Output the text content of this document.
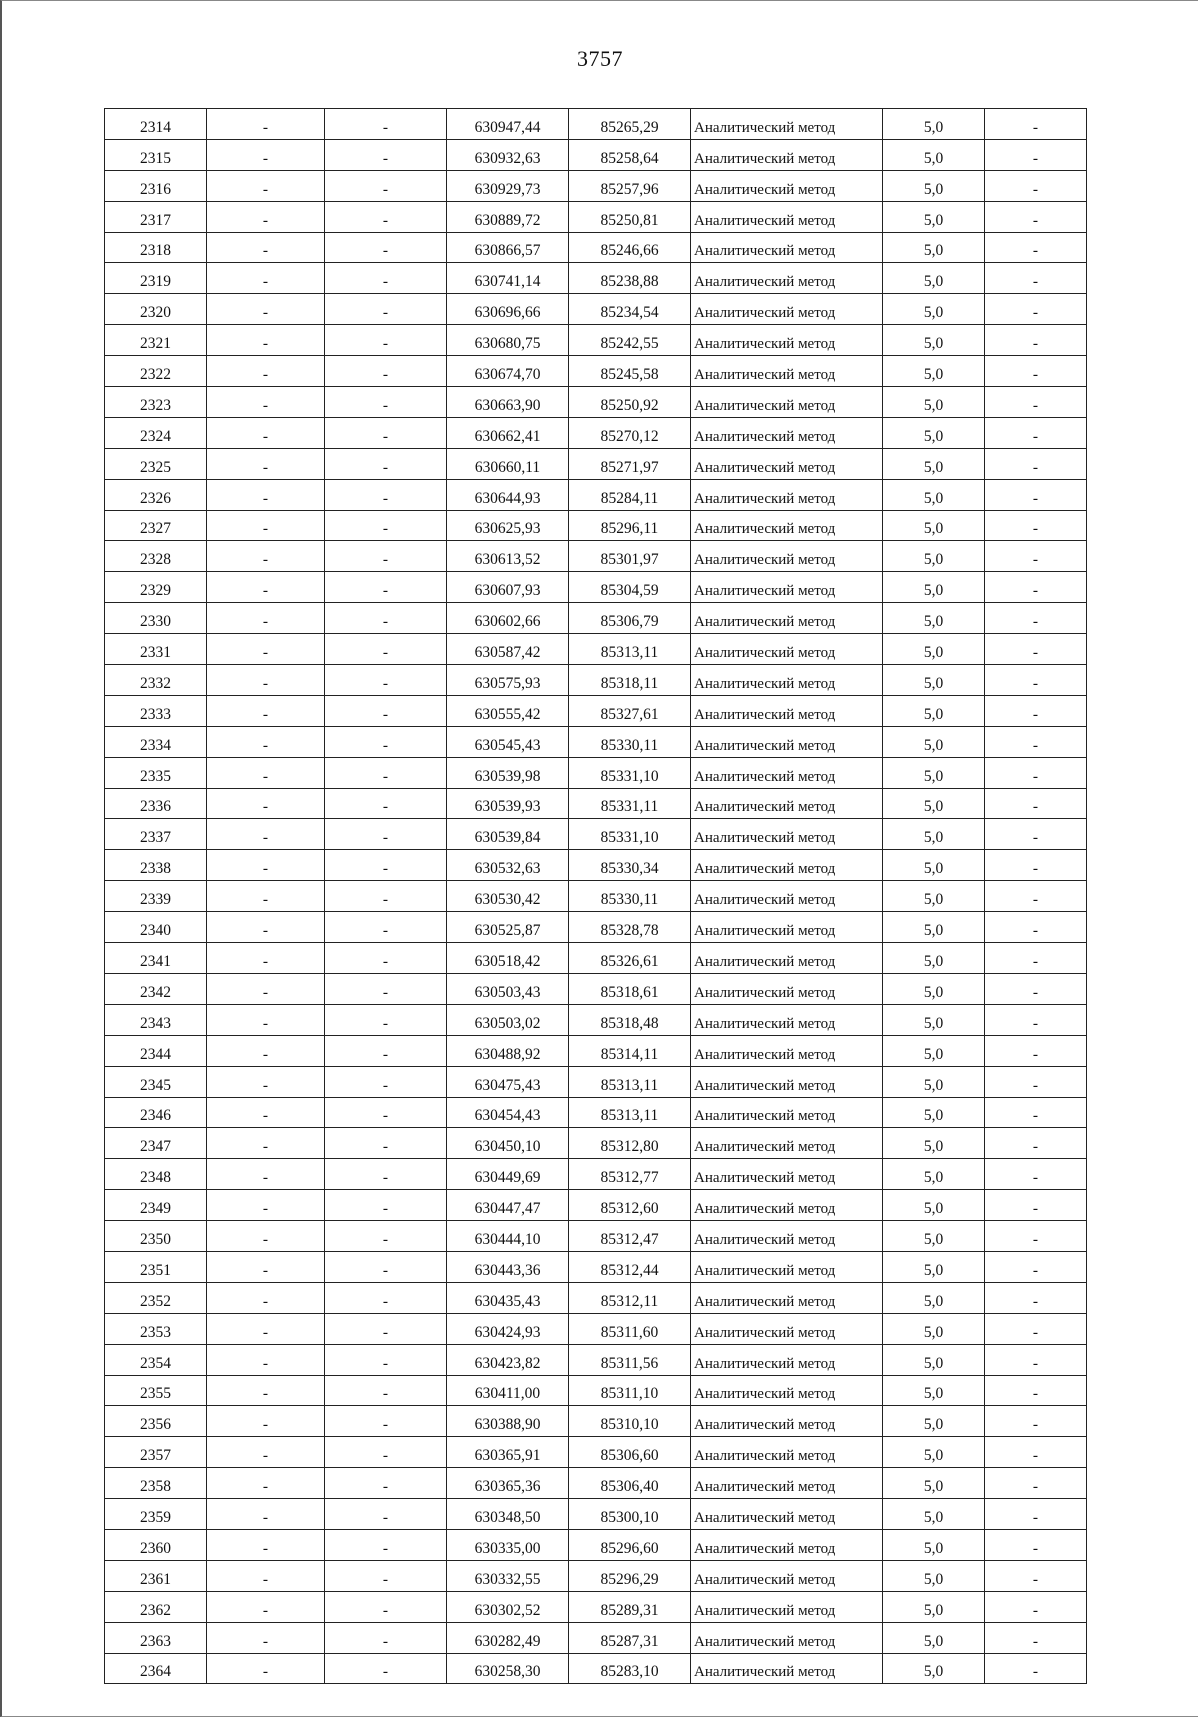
3757
2314	-	-	630947,44	85265,29	Аналитический метод	5,0	-
2315	-	-	630932,63	85258,64	Аналитический метод	5,0	-
2316	-	-	630929,73	85257,96	Аналитический метод	5,0	-
2317	-	-	630889,72	85250,81	Аналитический метод	5,0	-
2318	-	-	630866,57	85246,66	Аналитический метод	5,0	-
2319	-	-	630741,14	85238,88	Аналитический метод	5,0	-
2320	-	-	630696,66	85234,54	Аналитический метод	5,0	-
2321	-	-	630680,75	85242,55	Аналитический метод	5,0	-
2322	-	-	630674,70	85245,58	Аналитический метод	5,0	-
2323	-	-	630663,90	85250,92	Аналитический метод	5,0	-
2324	-	-	630662,41	85270,12	Аналитический метод	5,0	-
2325	-	-	630660,11	85271,97	Аналитический метод	5,0	-
2326	-	-	630644,93	85284,11	Аналитический метод	5,0	-
2327	-	-	630625,93	85296,11	Аналитический метод	5,0	-
2328	-	-	630613,52	85301,97	Аналитический метод	5,0	-
2329	-	-	630607,93	85304,59	Аналитический метод	5,0	-
2330	-	-	630602,66	85306,79	Аналитический метод	5,0	-
2331	-	-	630587,42	85313,11	Аналитический метод	5,0	-
2332	-	-	630575,93	85318,11	Аналитический метод	5,0	-
2333	-	-	630555,42	85327,61	Аналитический метод	5,0	-
2334	-	-	630545,43	85330,11	Аналитический метод	5,0	-
2335	-	-	630539,98	85331,10	Аналитический метод	5,0	-
2336	-	-	630539,93	85331,11	Аналитический метод	5,0	-
2337	-	-	630539,84	85331,10	Аналитический метод	5,0	-
2338	-	-	630532,63	85330,34	Аналитический метод	5,0	-
2339	-	-	630530,42	85330,11	Аналитический метод	5,0	-
2340	-	-	630525,87	85328,78	Аналитический метод	5,0	-
2341	-	-	630518,42	85326,61	Аналитический метод	5,0	-
2342	-	-	630503,43	85318,61	Аналитический метод	5,0	-
2343	-	-	630503,02	85318,48	Аналитический метод	5,0	-
2344	-	-	630488,92	85314,11	Аналитический метод	5,0	-
2345	-	-	630475,43	85313,11	Аналитический метод	5,0	-
2346	-	-	630454,43	85313,11	Аналитический метод	5,0	-
2347	-	-	630450,10	85312,80	Аналитический метод	5,0	-
2348	-	-	630449,69	85312,77	Аналитический метод	5,0	-
2349	-	-	630447,47	85312,60	Аналитический метод	5,0	-
2350	-	-	630444,10	85312,47	Аналитический метод	5,0	-
2351	-	-	630443,36	85312,44	Аналитический метод	5,0	-
2352	-	-	630435,43	85312,11	Аналитический метод	5,0	-
2353	-	-	630424,93	85311,60	Аналитический метод	5,0	-
2354	-	-	630423,82	85311,56	Аналитический метод	5,0	-
2355	-	-	630411,00	85311,10	Аналитический метод	5,0	-
2356	-	-	630388,90	85310,10	Аналитический метод	5,0	-
2357	-	-	630365,91	85306,60	Аналитический метод	5,0	-
2358	-	-	630365,36	85306,40	Аналитический метод	5,0	-
2359	-	-	630348,50	85300,10	Аналитический метод	5,0	-
2360	-	-	630335,00	85296,60	Аналитический метод	5,0	-
2361	-	-	630332,55	85296,29	Аналитический метод	5,0	-
2362	-	-	630302,52	85289,31	Аналитический метод	5,0	-
2363	-	-	630282,49	85287,31	Аналитический метод	5,0	-
2364	-	-	630258,30	85283,10	Аналитический метод	5,0	-
